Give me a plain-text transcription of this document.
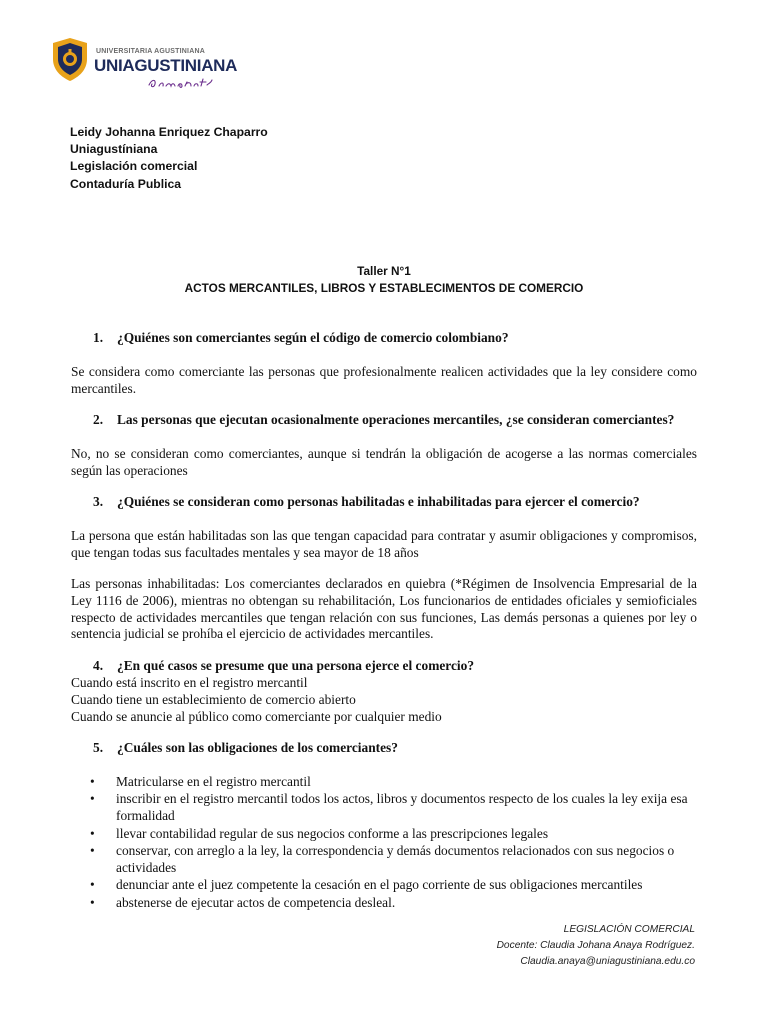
UNIVERSITARIA AGUSTINIANA
UNIAGUSTINIANA
Leidy Johanna Enriquez Chaparro
Uniagustíniana
Legislación comercial
Contaduría Publica
Taller N°1
ACTOS MERCANTILES, LIBROS Y ESTABLECIMENTOS DE COMERCIO
1. ¿Quiénes son comerciantes según el código de comercio colombiano?
Se considera como comerciante las personas que profesionalmente realicen actividades que la ley considere como mercantiles.
2. Las personas que ejecutan ocasionalmente operaciones mercantiles, ¿se consideran comerciantes?
No, no se consideran como comerciantes, aunque si tendrán la obligación de acogerse a las normas comerciales según las operaciones
3. ¿Quiénes se consideran como personas habilitadas e inhabilitadas para ejercer el comercio?
La persona que están habilitadas son las que tengan capacidad para contratar y asumir obligaciones y compromisos, que tengan todas sus facultades mentales y sea mayor de 18 años
Las personas inhabilitadas: Los comerciantes declarados en quiebra (*Régimen de Insolvencia Empresarial de la Ley 1116 de 2006), mientras no obtengan su rehabilitación, Los funcionarios de entidades oficiales y semioficiales respecto de actividades mercantiles que tengan relación con sus funciones, Las demás personas a quienes por ley o sentencia judicial se prohíba el ejercicio de actividades mercantiles.
4. ¿En qué casos se presume que una persona ejerce el comercio?
Cuando está inscrito en el registro mercantil
Cuando tiene un establecimiento de comercio abierto
Cuando se anuncie al público como comerciante por cualquier medio
5. ¿Cuáles son las obligaciones de los comerciantes?
• Matricularse en el registro mercantil
• inscribir en el registro mercantil todos los actos, libros y documentos respecto de los cuales la ley exija esa formalidad
• llevar contabilidad regular de sus negocios conforme a las prescripciones legales
• conservar, con arreglo a la ley, la correspondencia y demás documentos relacionados con sus negocios o actividades
• denunciar ante el juez competente la cesación en el pago corriente de sus obligaciones mercantiles
• abstenerse de ejecutar actos de competencia desleal.
LEGISLACIÓN COMERCIAL
Docente: Claudia Johana Anaya Rodríguez.
Claudia.anaya@uniagustiniana.edu.co
